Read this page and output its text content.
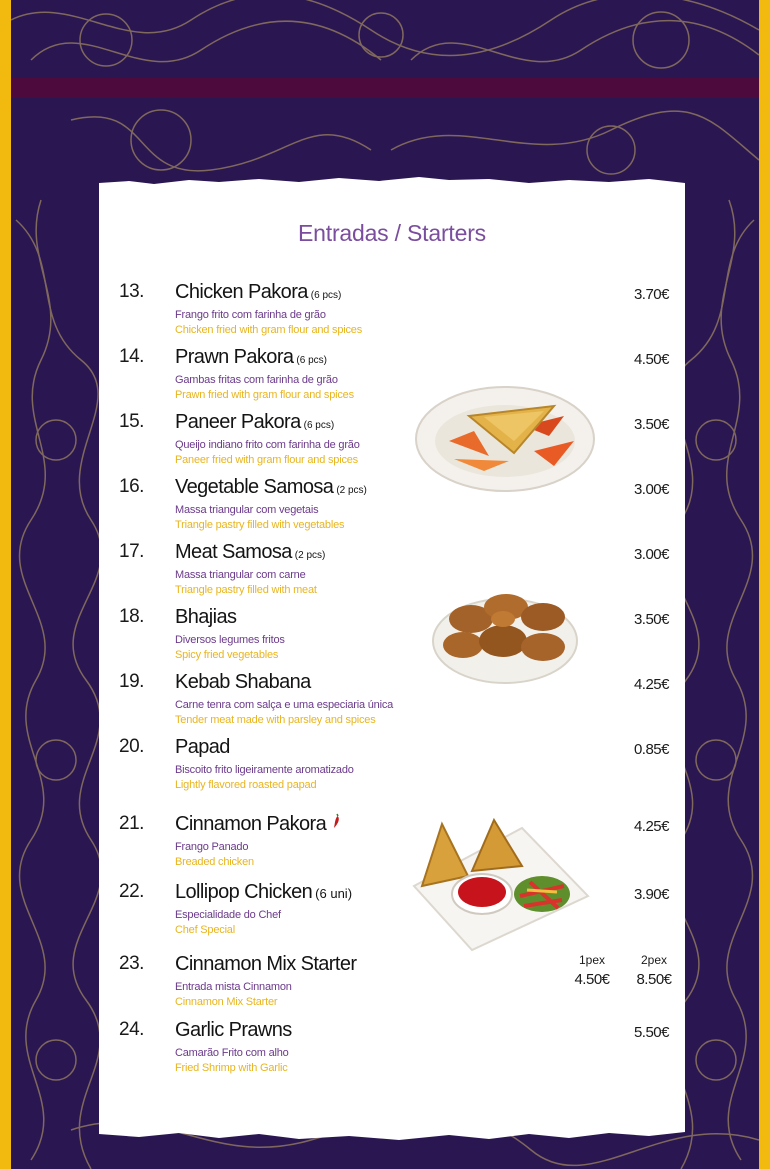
Entradas / Starters
13. Chicken Pakora (6 pcs)
Frango frito com farinha de grão
Chicken fried with gram flour and spices
3.70€
14. Prawn Pakora (6 pcs)
Gambas fritas com farinha de grão
Prawn fried with gram flour and spices
4.50€
15. Paneer Pakora (6 pcs)
Queijo indiano frito com farinha de grão
Paneer fried with gram flour and spices
3.50€
16. Vegetable Samosa (2 pcs)
Massa triangular com vegetais
Triangle pastry filled with vegetables
3.00€
17. Meat Samosa (2 pcs)
Massa triangular com carne
Triangle pastry filled with meat
3.00€
18. Bhajias
Diversos legumes fritos
Spicy fried vegetables
3.50€
19. Kebab Shabana
Carne tenra com salça e uma especiaria única
Tender meat made with parsley and spices
4.25€
20. Papad
Biscoito frito ligeiramente aromatizado
Lightly flavored roasted papad
0.85€
21. Cinnamon Pakora
Frango Panado
Breaded chicken
4.25€
22. Lollipop Chicken (6 uni)
Especialidade do Chef
Chef Special
3.90€
23. Cinnamon Mix Starter
Entrada mista Cinnamon
Cinnamon Mix Starter
1pex
4.50€
2pex
8.50€
24. Garlic Prawns
Camarão Frito com alho
Fried Shrimp with Garlic
5.50€
